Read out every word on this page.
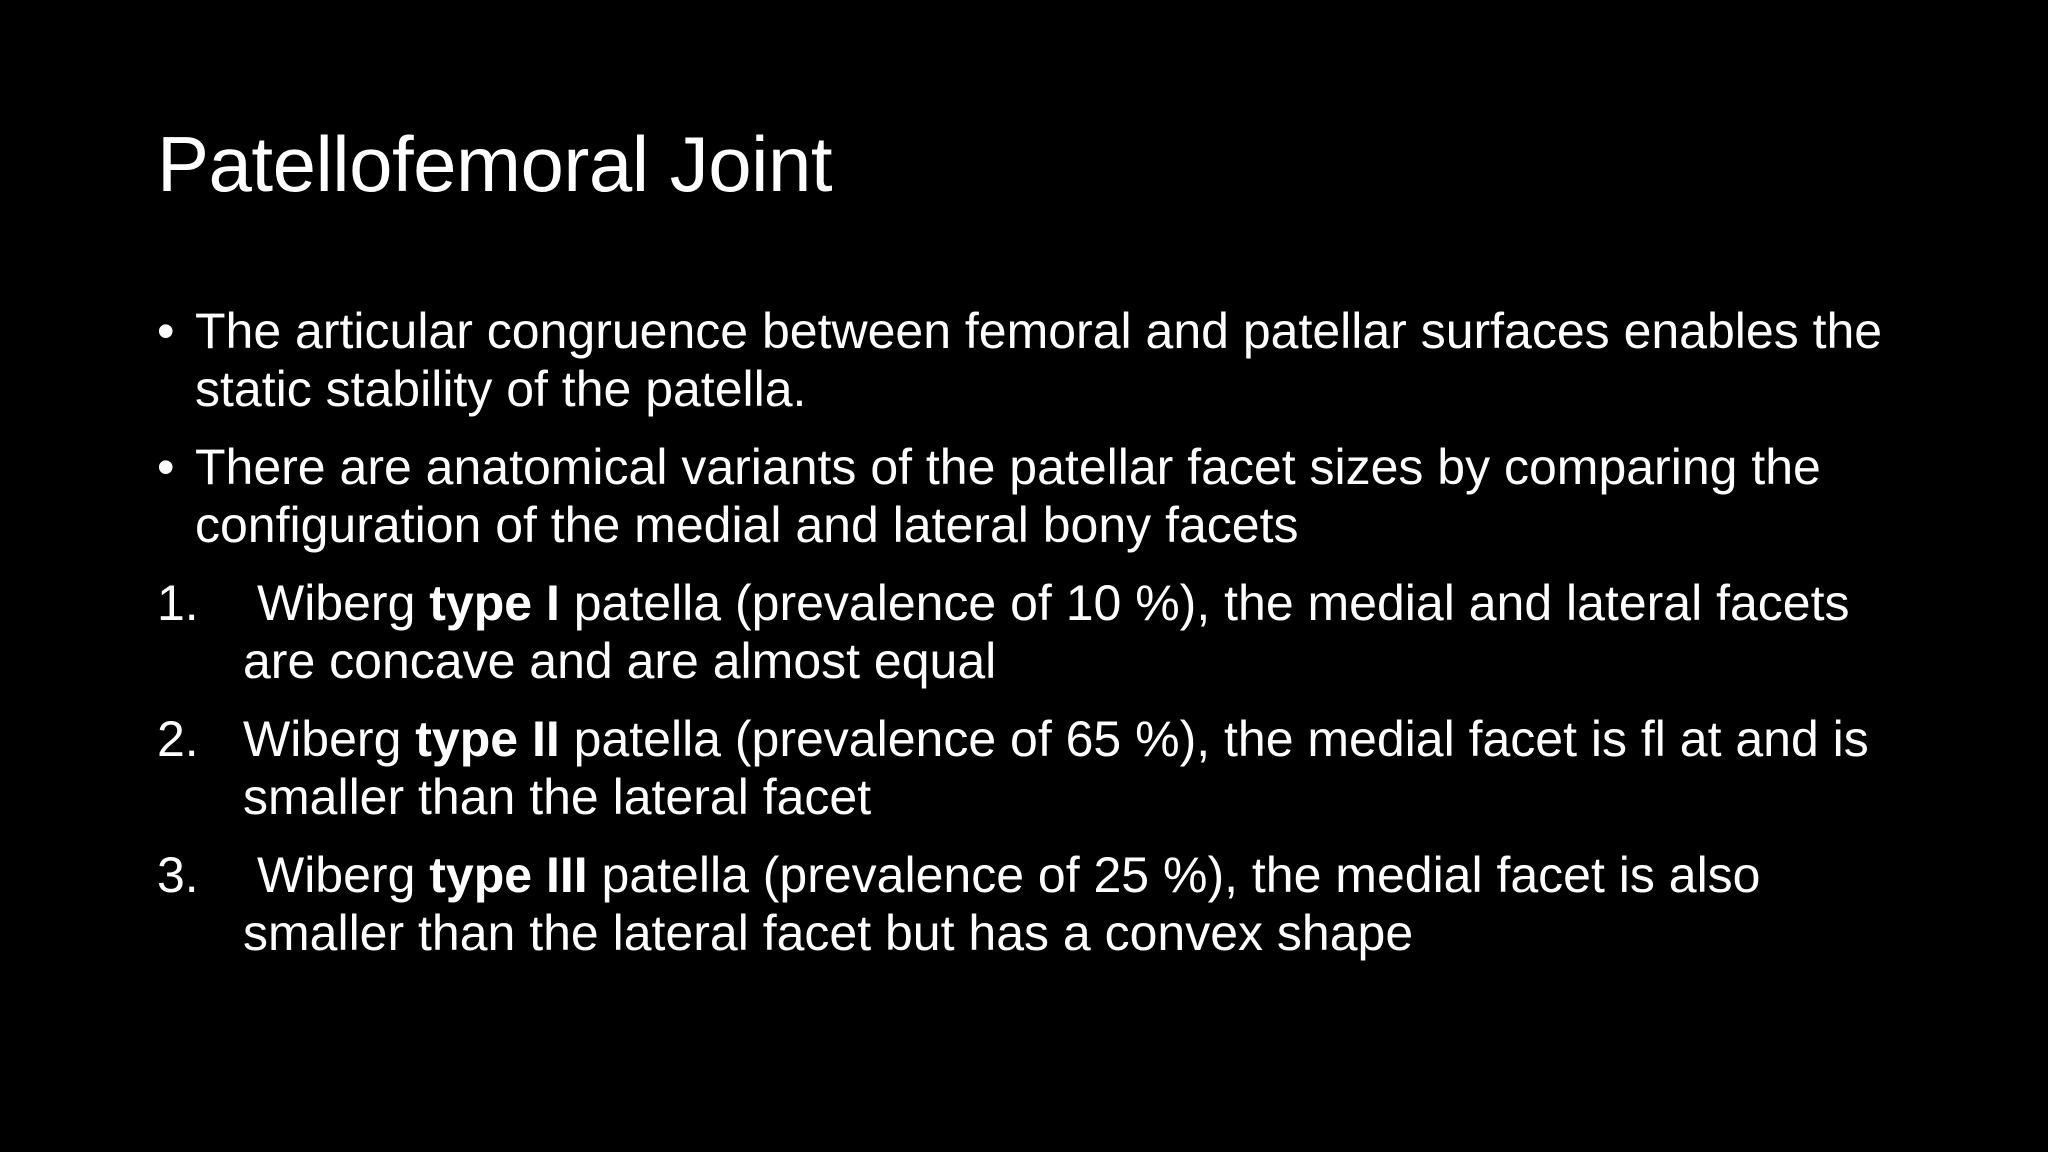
Patellofemoral Joint
• The articular congruence between femoral and patellar surfaces enables the static stability of the patella.
• There are anatomical variants of the patellar facet sizes by comparing the configuration of the medial and lateral bony facets
1.	Wiberg type I patella (prevalence of 10 %), the medial and lateral facets are concave and are almost equal
2. Wiberg type II patella (prevalence of 65 %), the medial facet is fl at and is smaller than the lateral facet
3.	Wiberg type III patella (prevalence of 25 %), the medial facet is also smaller than the lateral facet but has a convex shape
